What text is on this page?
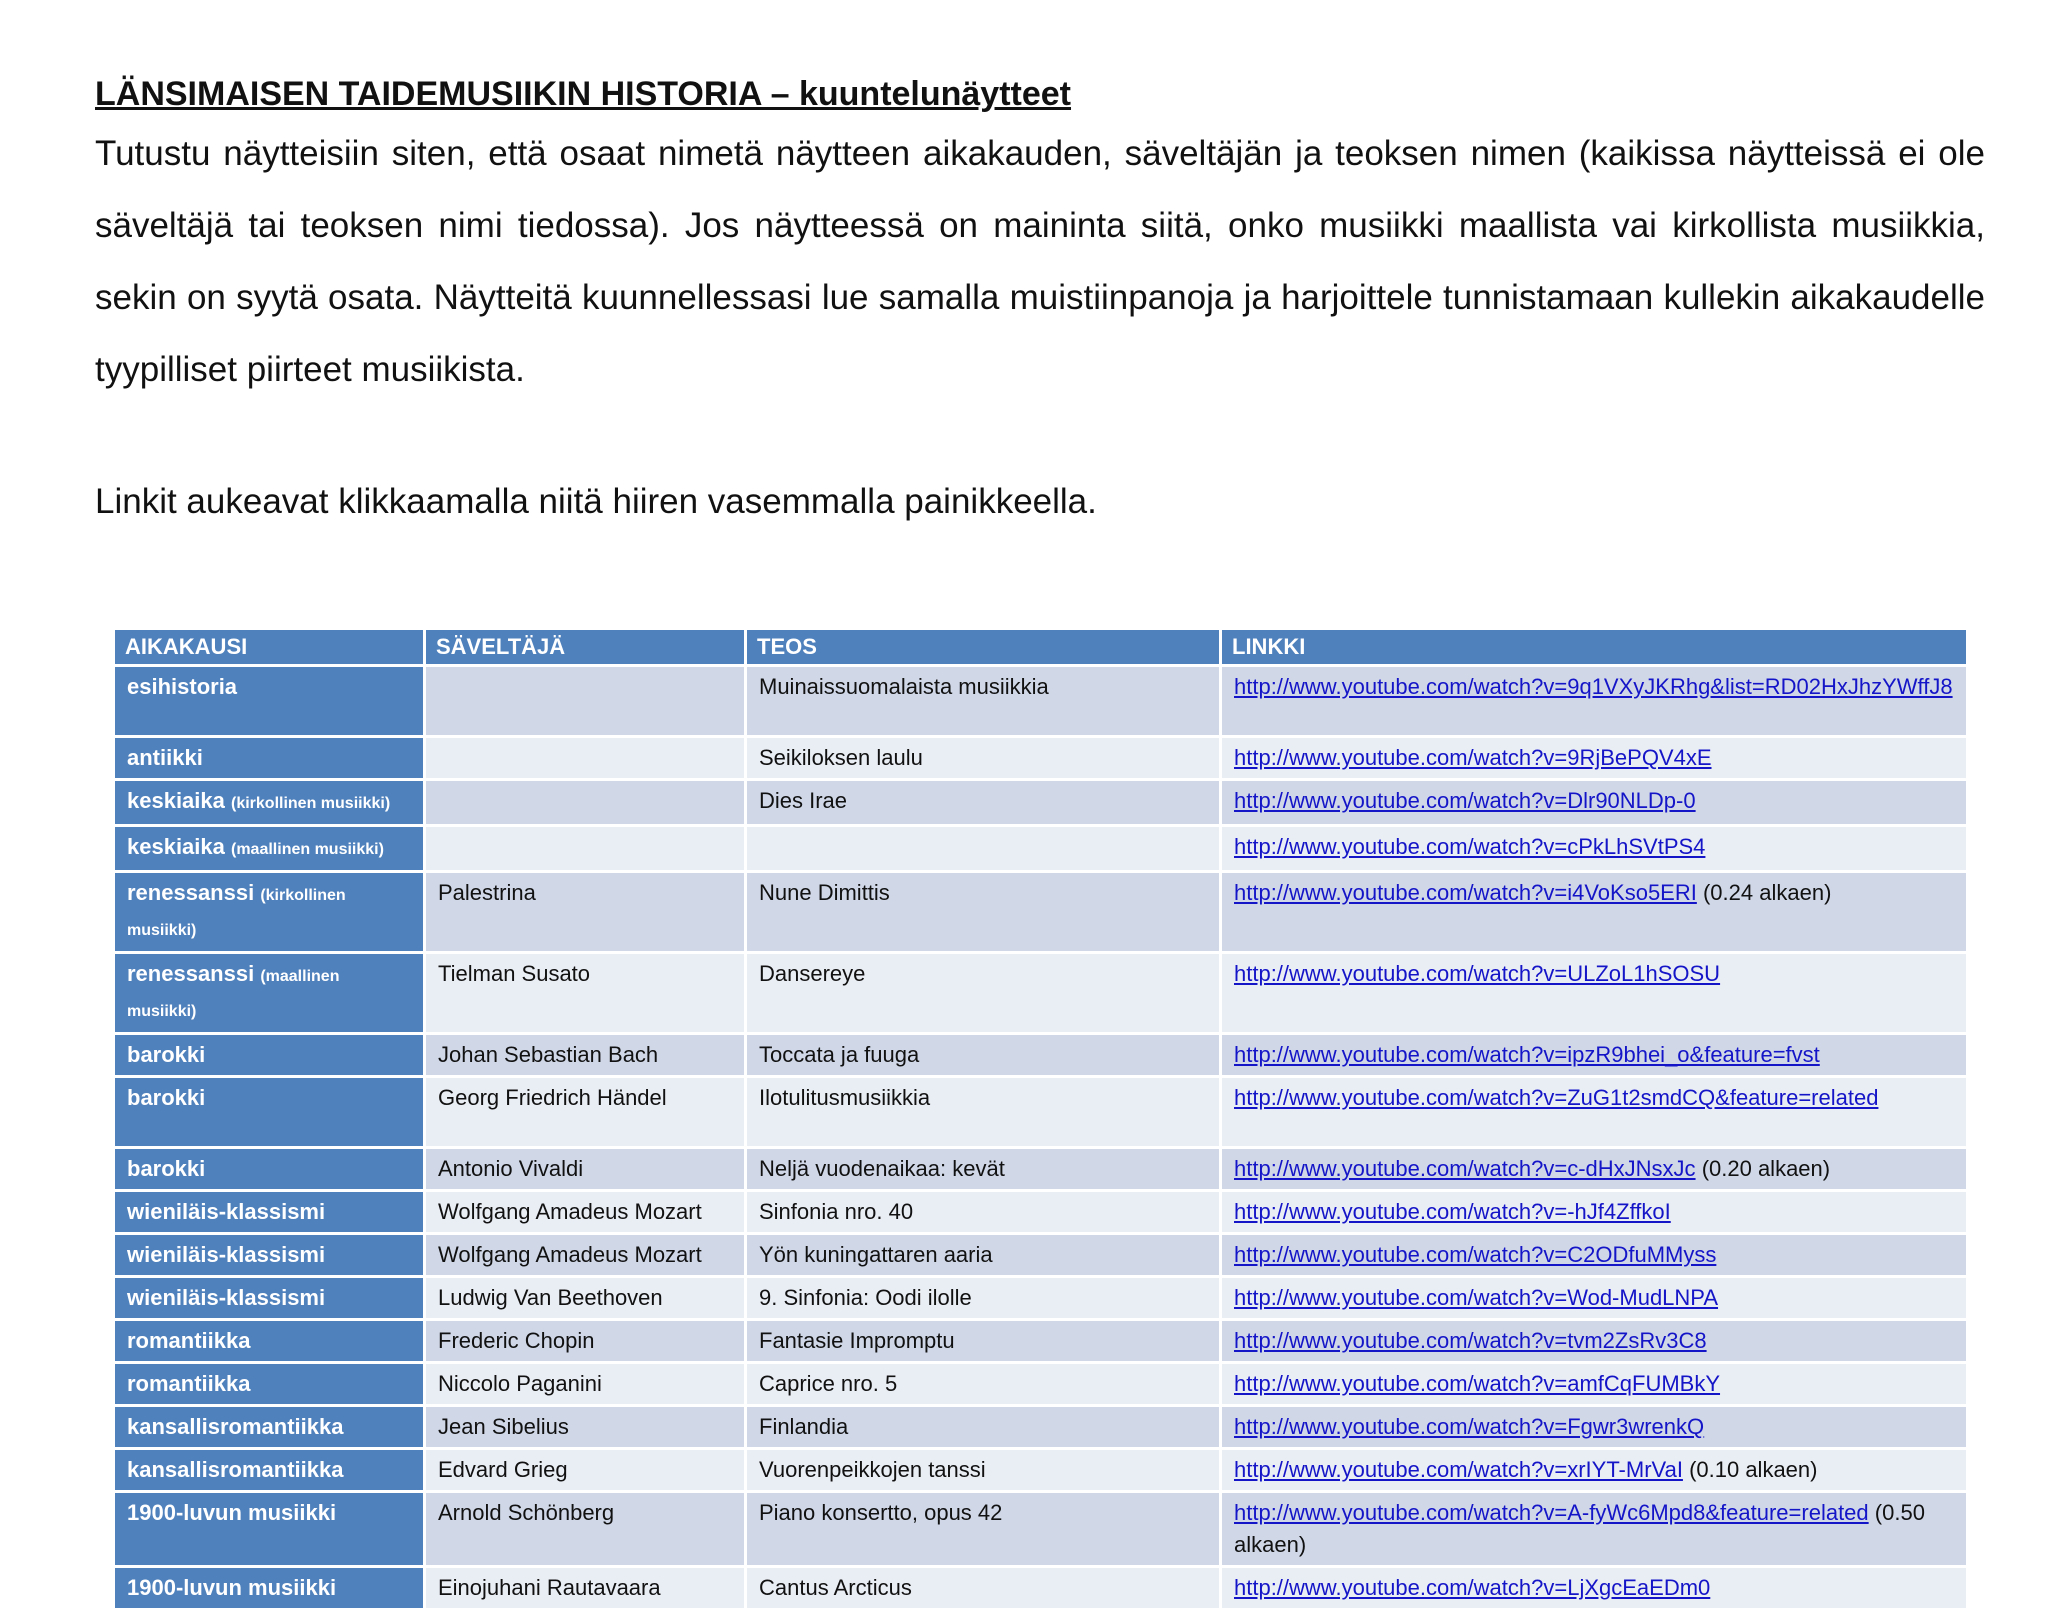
LÄNSIMAISEN TAIDEMUSIIKIN HISTORIA – kuuntelunäytteet

Tutustu näytteisiin siten, että osaat nimetä näytteen aikakauden, säveltäjän ja teoksen nimen (kaikissa näytteissä ei ole säveltäjä tai teoksen nimi tiedossa). Jos näytteessä on maininta siitä, onko musiikki maallista vai kirkollista musiikkia, sekin on syytä osata. Näytteitä kuunnellessasi lue samalla muistiinpanoja ja harjoittele tunnistamaan kullekin aikakaudelle tyypilliset piirteet musiikista.

Linkit aukeavat klikkaamalla niitä hiiren vasemmalla painikkeella.
AIKAKAUSI	SÄVELTÄJÄ	TEOS	LINKKI
esihistoria		Muinaissuomalaista musiikkia	http://www.youtube.com/watch?v=9q1VXyJKRhg&list=RD02HxJhzYWffJ8
antiikki		Seikiloksen laulu	http://www.youtube.com/watch?v=9RjBePQV4xE
keskiaika (kirkollinen musiikki)		Dies Irae	http://www.youtube.com/watch?v=Dlr90NLDp-0
keskiaika (maallinen musiikki)			http://www.youtube.com/watch?v=cPkLhSVtPS4
renessanssi (kirkollinen musiikki)	Palestrina	Nune Dimittis	http://www.youtube.com/watch?v=i4VoKso5ERI (0.24 alkaen)
renessanssi (maallinen musiikki)	Tielman Susato	Dansereye	http://www.youtube.com/watch?v=ULZoL1hSOSU
barokki	Johan Sebastian Bach	Toccata ja fuuga	http://www.youtube.com/watch?v=ipzR9bhei_o&feature=fvst
barokki	Georg Friedrich Händel	Ilotulitusmusiikkia	http://www.youtube.com/watch?v=ZuG1t2smdCQ&feature=related
barokki	Antonio Vivaldi	Neljä vuodenaikaa: kevät	http://www.youtube.com/watch?v=c-dHxJNsxJc (0.20 alkaen)
wieniläis-klassismi	Wolfgang Amadeus Mozart	Sinfonia nro. 40	http://www.youtube.com/watch?v=-hJf4ZffkoI
wieniläis-klassismi	Wolfgang Amadeus Mozart	Yön kuningattaren aaria	http://www.youtube.com/watch?v=C2ODfuMMyss
wieniläis-klassismi	Ludwig Van Beethoven	9. Sinfonia: Oodi ilolle	http://www.youtube.com/watch?v=Wod-MudLNPA
romantiikka	Frederic Chopin	Fantasie Impromptu	http://www.youtube.com/watch?v=tvm2ZsRv3C8
romantiikka	Niccolo Paganini	Caprice nro. 5	http://www.youtube.com/watch?v=amfCqFUMBkY
kansallisromantiikka	Jean Sibelius	Finlandia	http://www.youtube.com/watch?v=Fgwr3wrenkQ
kansallisromantiikka	Edvard Grieg	Vuorenpeikkojen tanssi	http://www.youtube.com/watch?v=xrIYT-MrVaI (0.10 alkaen)
1900-luvun musiikki	Arnold Schönberg	Piano konsertto, opus 42	http://www.youtube.com/watch?v=A-fyWc6Mpd8&feature=related (0.50 alkaen)
1900-luvun musiikki	Einojuhani Rautavaara	Cantus Arcticus	http://www.youtube.com/watch?v=LjXgcEaEDm0
